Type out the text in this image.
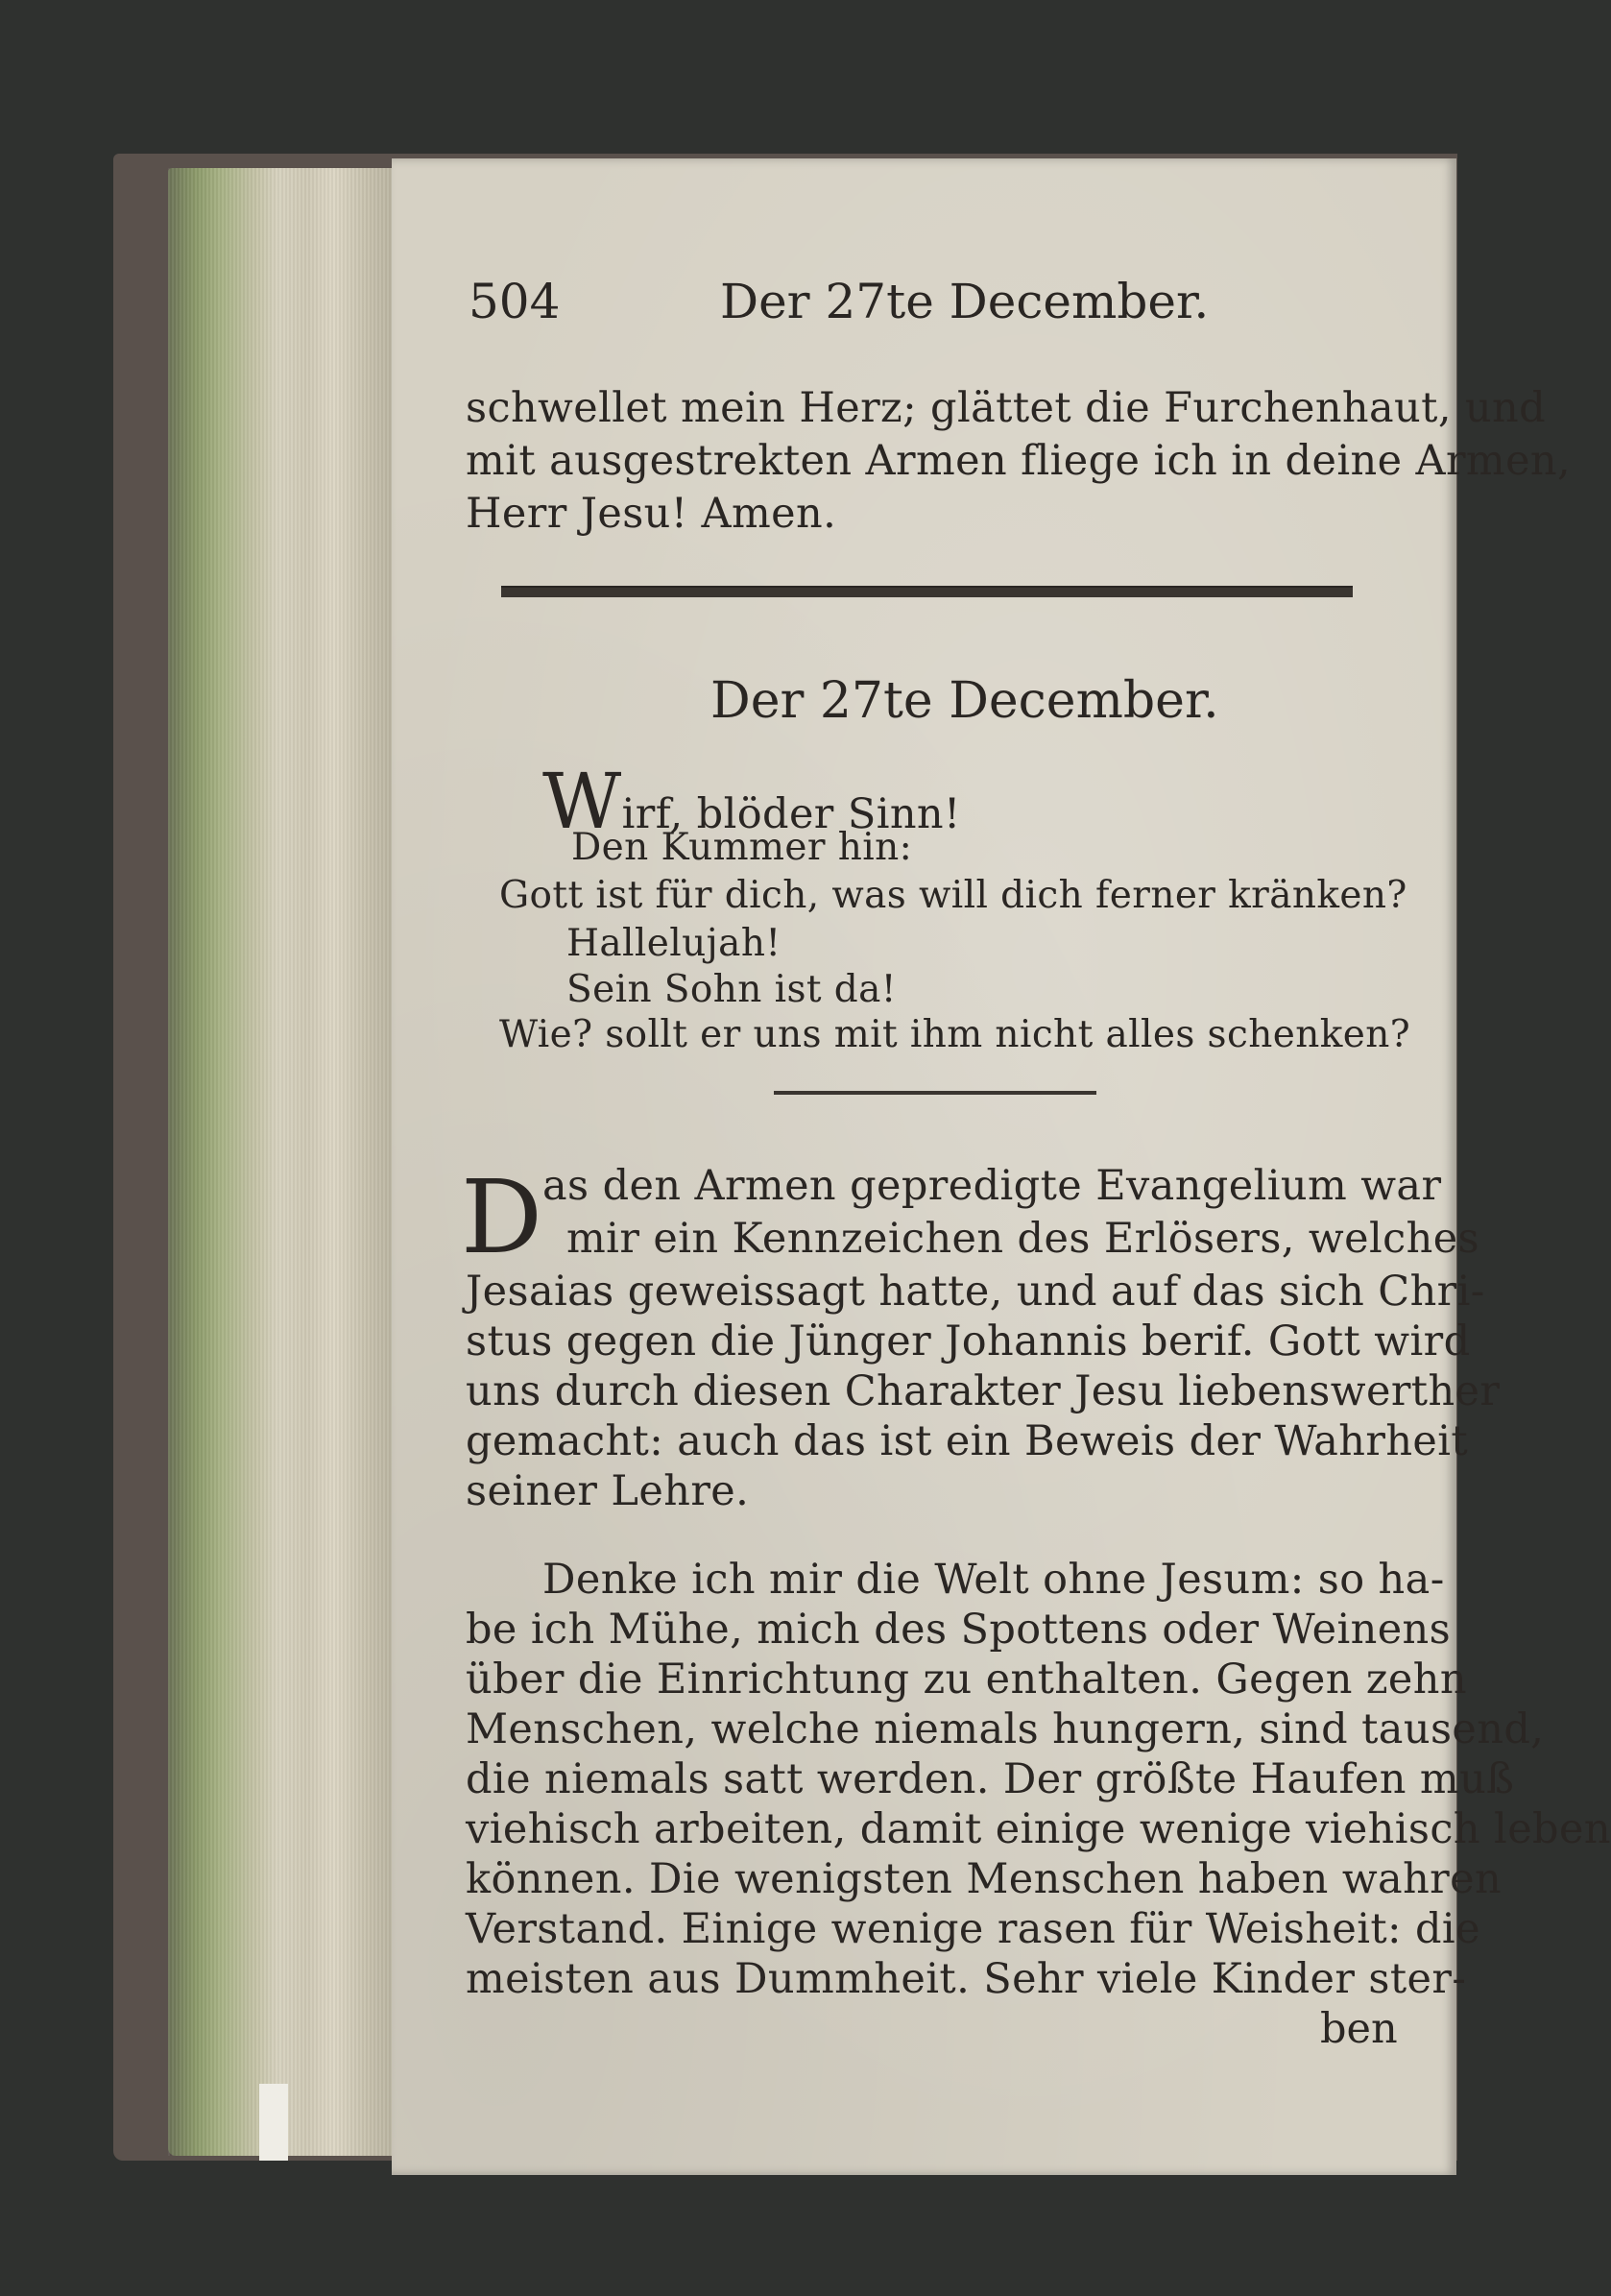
504	Der 27te December.
schwellet mein Herz; glättet die Furchenhaut, und
mit ausgestrekten Armen fliege ich in deine Armen,
Herr Jesu! Amen.
Der 27te December.
Wirf, blöder Sinn!
Den Kummer hin:
Gott ist für dich, was will dich ferner kränken?
Hallelujah!
Sein Sohn ist da!
Wie? sollt er uns mit ihm nicht alles schenken?
D as den Armen gepredigte Evangelium war
mir ein Kennzeichen des Erlösers, welches
Jesaias geweissagt hatte, und auf das sich Chri-
stus gegen die Jünger Johannis berif. Gott wird
uns durch diesen Charakter Jesu liebenswerther
gemacht: auch das ist ein Beweis der Wahrheit
seiner Lehre.
Denke ich mir die Welt ohne Jesum: so ha-
be ich Mühe, mich des Spottens oder Weinens
über die Einrichtung zu enthalten. Gegen zehn
Menschen, welche niemals hungern, sind tausend,
die niemals satt werden. Der größte Haufen muß
viehisch arbeiten, damit einige wenige viehisch leben
können. Die wenigsten Menschen haben wahren
Verstand. Einige wenige rasen für Weisheit: die
meisten aus Dummheit. Sehr viele Kinder ster-
ben
